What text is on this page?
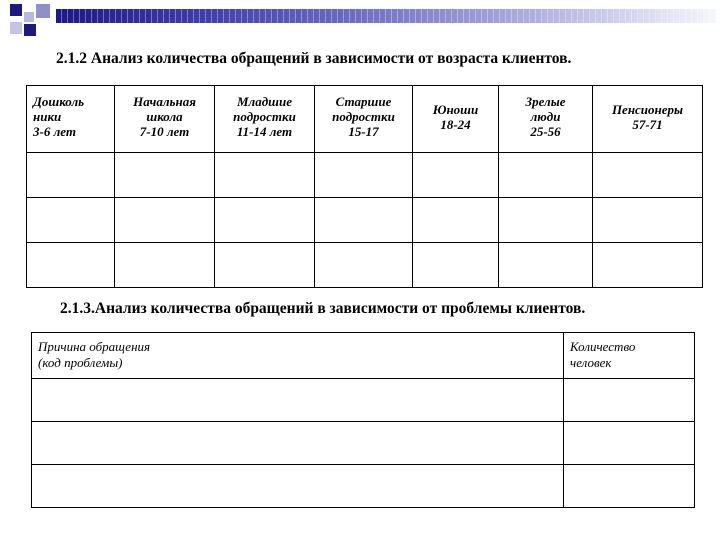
2.1.2 Анализ количества обращений в зависимости от возраста клиентов.
Дошколь
ники
3-6 лет	Начальная
школа
7-10 лет	Младшие
подростки
11-14 лет	Старшие
подростки
15-17	Юноши
18-24	Зрелые
люди
25-56	Пенсионеры
57-71

2.1.3.Анализ количества обращений в зависимости от проблемы клиентов.
Причина обращения
(код проблемы)	Количество
человек
